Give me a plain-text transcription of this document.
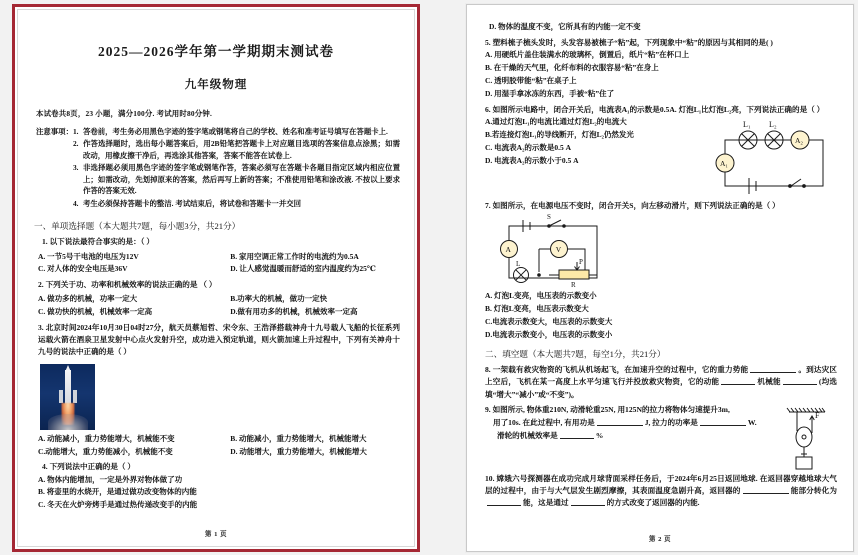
2025—2026学年第一学期期末测试卷
九年级物理
本试卷共8页，23 小题，满分100分. 考试用时80分钟.
注意事项： 1. 答卷前，考生务必用黑色字迹的签字笔或钢笔将自己的学校、姓名和准考证号填写在答题卡上.
2. 作答选择题时，选出每小题答案后，用2B铅笔把答题卡上对应题目选项的答案信息点涂黑；如需改动，用橡皮擦干净后，再选涂其他答案，答案不能答在试卷上.
3. 非选择题必须用黑色字迹的签字笔或钢笔作答，答案必须写在答题卡各题目指定区域内相应位置上；如需改动，先划掉原来的答案，然后再写上新的答案；不准使用铅笔和涂改液. 不按以上要求作答的答案无效.
4. 考生必须保持答题卡的整洁. 考试结束后，将试卷和答题卡一并交回
一、单项选择题（本大题共7题，每小题3分，共21分）
1. 以下说法最符合事实的是：（ ）
A. 一节5号干电池的电压为12V	B. 家用空调正常工作时的电流约为0.5A
C. 对人体的安全电压是36V	D. 让人感觉温暖而舒适的室内温度约为25℃
2. 下列关于功、功率和机械效率的说法正确的是 （ ）
A. 做功多的机械，功率一定大	B.功率大的机械，做功一定快
C. 做功快的机械，机械效率一定高	D.做有用功多的机械，机械效率一定高
3. 北京时间2024年10月30日04时27分，航天员蔡旭哲、宋令东、王浩泽搭载神舟十九号载人飞船的长征系列运载火箭在酒泉卫星发射中心点火发射升空，成功进入预定轨道，则火箭加速上升过程中，下列有关神舟十九号的说法中正确的是（ ）
A. 动能减小，重力势能增大，机械能不变	B. 动能减小，重力势能增大，机械能增大
C.动能增大，重力势能减小，机械能不变	D. 动能增大，重力势能增大，机械能增大
4. 下列说法中正确的是（ ）
A. 物体内能增加，一定是外界对物体做了功
B. 将壶里的水烧开，是通过做功改变物体的内能
C. 冬天在火炉旁烤手是通过热传递改变手的内能
第 1 页
D. 物体的温度不变，它所具有的内能一定不变
5. 塑料梳子梳头发时，头发容易被梳子“粘”起，下列现象中“粘”的原因与其相同的是( )
A. 用硬纸片盖住装满水的玻璃杯，倒置后，纸片“粘”在杯口上
B. 在干燥的天气里，化纤布料的衣服容易“粘”在身上
C. 透明胶带能“粘”在桌子上
D. 用湿手拿冰冻的东西，手被“粘”住了
6. 如图所示电路中，闭合开关后，电流表A₁的示数是0.5A. 灯泡L₁比灯泡L₂亮，下列说法正确的是（ ）
A.通过灯泡L₁的电流比通过灯泡L₂的电流大
B.若连接灯泡L₁的导线断开，灯泡L₂仍然发光
C. 电流表A₂的示数是0.5 A
D. 电流表A₂的示数小于0.5 A
L₁ L₂
A₂
A₁
7. 如图所示，在电源电压不变时，闭合开关S，向左移动滑片，则下列说法正确的是（ ）
S
A	V
L	P
R
A. 灯泡L变亮，电压表的示数变小
B. 灯泡L变亮，电压表示数变大
C.电流表示数变大，电压表的示数变大
D.电流表示数变小，电压表的示数变小
二、填空题（本大题共7题，每空1分，共21分）
8. 一架载有救灾物资的飞机从机场起飞，在加速升空的过程中，它的重力势能	。到达灾区上空后，飞机在某一高度上水平匀速飞行并投放救灾物资，它的动能	机械能	(均选填“增大”“减小”或“不变”)。
9. 如图所示, 物体重210N, 动滑轮重25N, 用125N的拉力将物体匀速提升3m,
用了10s. 在此过程中, 有用功是	J, 拉力的功率是	W.
滑轮的机械效率是	%
F
10. 嫦娥六号探测器在成功完成月球背面采样任务后，于2024年6月25日返回地球. 在返回器穿越地球大气层的过程中，由于与大气层发生剧烈摩擦，其表面温度急剧升高，返回器的	能部分转化为能，这是通过	的方式改变了返回器的内能.
第 2 页
